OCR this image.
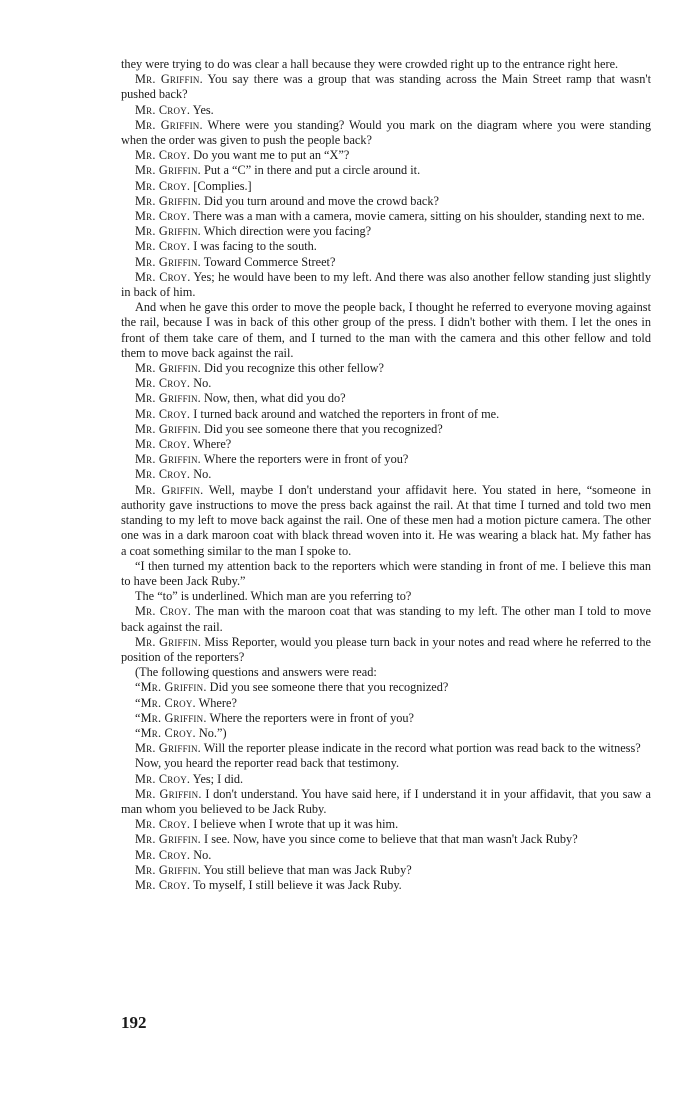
they were trying to do was clear a hall because they were crowded right up to the entrance right here.

Mr. Griffin. You say there was a group that was standing across the Main Street ramp that wasn't pushed back?

Mr. Croy. Yes.

Mr. Griffin. Where were you standing? Would you mark on the diagram where you were standing when the order was given to push the people back?

Mr. Croy. Do you want me to put an “X”?

Mr. Griffin. Put a “C” in there and put a circle around it.

Mr. Croy. [Complies.]

Mr. Griffin. Did you turn around and move the crowd back?

Mr. Croy. There was a man with a camera, movie camera, sitting on his shoulder, standing next to me.

Mr. Griffin. Which direction were you facing?

Mr. Croy. I was facing to the south.

Mr. Griffin. Toward Commerce Street?

Mr. Croy. Yes; he would have been to my left. And there was also another fellow standing just slightly in back of him.

And when he gave this order to move the people back, I thought he referred to everyone moving against the rail, because I was in back of this other group of the press. I didn't bother with them. I let the ones in front of them take care of them, and I turned to the man with the camera and this other fellow and told them to move back against the rail.

Mr. Griffin. Did you recognize this other fellow?

Mr. Croy. No.

Mr. Griffin. Now, then, what did you do?

Mr. Croy. I turned back around and watched the reporters in front of me.

Mr. Griffin. Did you see someone there that you recognized?

Mr. Croy. Where?

Mr. Griffin. Where the reporters were in front of you?

Mr. Croy. No.

Mr. Griffin. Well, maybe I don't understand your affidavit here. You stated in here, “someone in authority gave instructions to move the press back against the rail. At that time I turned and told two men standing to my left to move back against the rail. One of these men had a motion picture camera. The other one was in a dark maroon coat with black thread woven into it. He was wearing a black hat. My father has a coat something similar to the man I spoke to.

“I then turned my attention back to the reporters which were standing in front of me. I believe this man to have been Jack Ruby.”

The “to” is underlined. Which man are you referring to?

Mr. Croy. The man with the maroon coat that was standing to my left. The other man I told to move back against the rail.

Mr. Griffin. Miss Reporter, would you please turn back in your notes and read where he referred to the position of the reporters?

(The following questions and answers were read:

“Mr. Griffin. Did you see someone there that you recognized?

“Mr. Croy. Where?

“Mr. Griffin. Where the reporters were in front of you?

“Mr. Croy. No.”)

Mr. Griffin. Will the reporter please indicate in the record what portion was read back to the witness?

Now, you heard the reporter read back that testimony.

Mr. Croy. Yes; I did.

Mr. Griffin. I don't understand. You have said here, if I understand it in your affidavit, that you saw a man whom you believed to be Jack Ruby.

Mr. Croy. I believe when I wrote that up it was him.

Mr. Griffin. I see. Now, have you since come to believe that that man wasn't Jack Ruby?

Mr. Croy. No.

Mr. Griffin. You still believe that man was Jack Ruby?

Mr. Croy. To myself, I still believe it was Jack Ruby.

192
